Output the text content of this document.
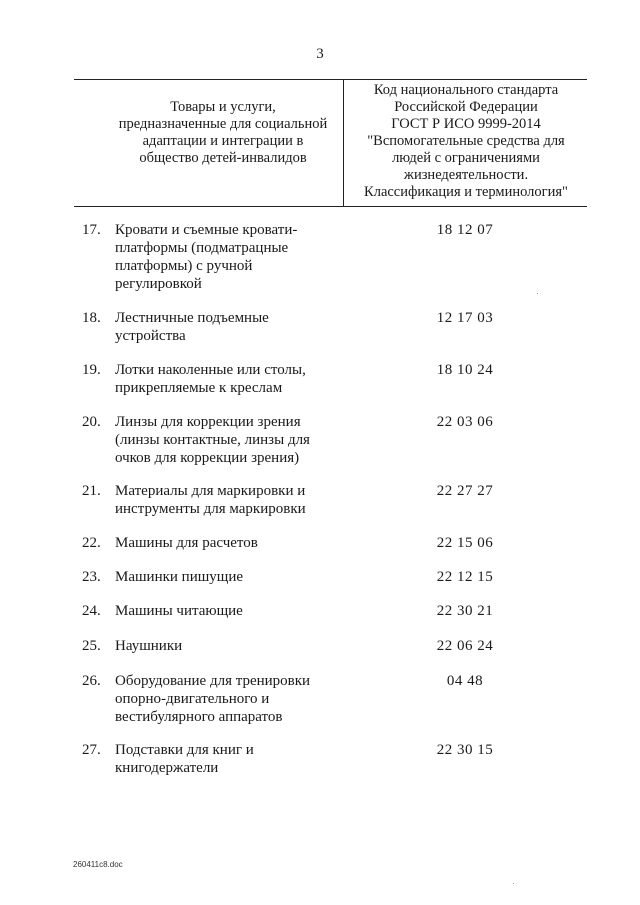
3
Товары и услуги,
предназначенные для социальной
адаптации и интеграции в
общество детей-инвалидов
Код национального стандарта
Российской Федерации
ГОСТ Р ИСО 9999-2014
"Вспомогательные средства для
людей с ограничениями
жизнедеятельности.
Классификация и терминология"
17. Кровати и съемные кровати-
платформы (подматрацные
платформы) с ручной
регулировкой
18 12 07
18. Лестничные подъемные
устройства
12 17 03
19. Лотки наколенные или столы,
прикрепляемые к креслам
18 10 24
20. Линзы для коррекции зрения
(линзы контактные, линзы для
очков для коррекции зрения)
22 03 06
21. Материалы для маркировки и
инструменты для маркировки
22 27 27
22. Машины для расчетов	22 15 06
23. Машинки пишущие	22 12 15
24. Машины читающие	22 30 21
25. Наушники	22 06 24
26. Оборудование для тренировки
опорно-двигательного и
вестибулярного аппаратов
04 48
27. Подставки для книг и
книгодержатели
22 30 15
260411c8.doc
